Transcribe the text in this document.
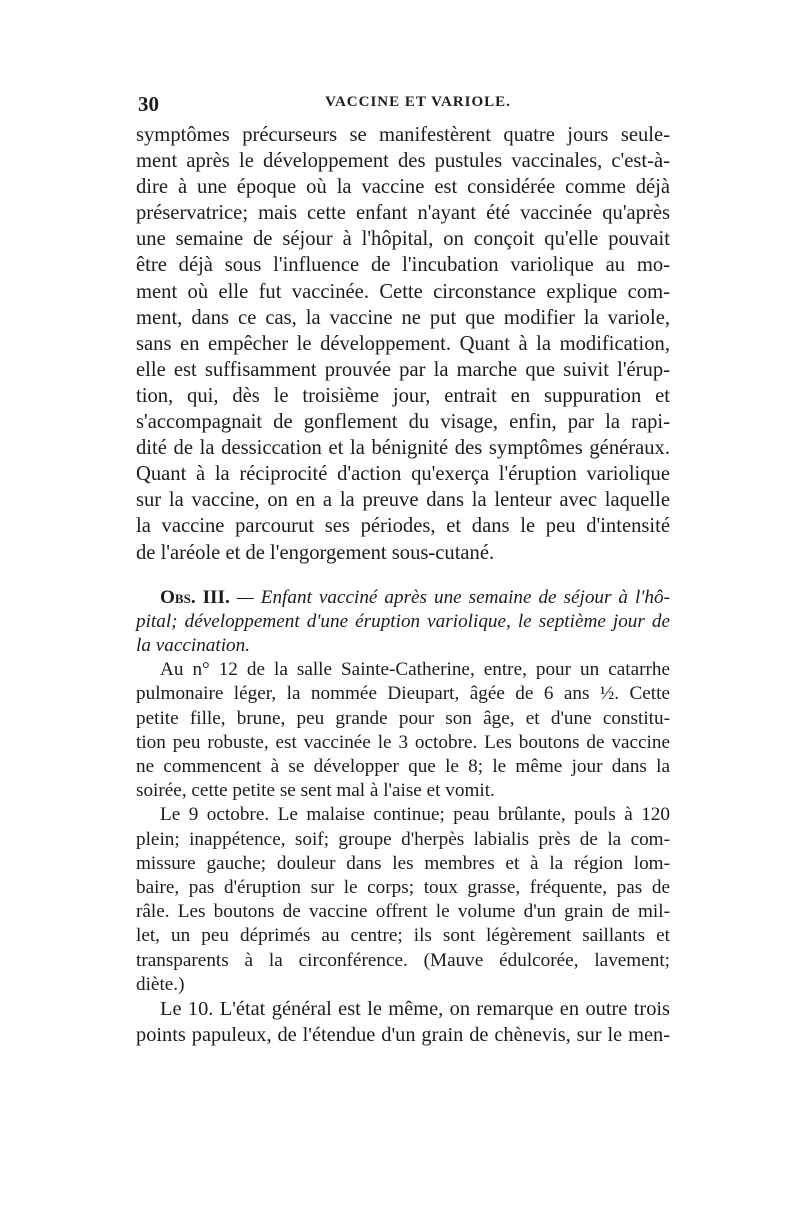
30	VACCINE ET VARIOLE.
symptômes précurseurs se manifestèrent quatre jours seule-
ment après le développement des pustules vaccinales, c'est-à-
dire à une époque où la vaccine est considérée comme déjà
préservatrice; mais cette enfant n'ayant été vaccinée qu'après
une semaine de séjour à l'hôpital, on conçoit qu'elle pouvait
être déjà sous l'influence de l'incubation variolique au mo-
ment où elle fut vaccinée. Cette circonstance explique com-
ment, dans ce cas, la vaccine ne put que modifier la variole,
sans en empêcher le développement. Quant à la modification,
elle est suffisamment prouvée par la marche que suivit l'érup-
tion, qui, dès le troisième jour, entrait en suppuration et
s'accompagnait de gonflement du visage, enfin, par la rapi-
dité de la dessiccation et la bénignité des symptômes généraux.
Quant à la réciprocité d'action qu'exerça l'éruption variolique
sur la vaccine, on en a la preuve dans la lenteur avec laquelle
la vaccine parcourut ses périodes, et dans le peu d'intensité
de l'aréole et de l'engorgement sous-cutané.
Obs. III. — Enfant vacciné après une semaine de séjour à l'hô-
pital; développement d'une éruption variolique, le septième jour de
la vaccination.
Au n° 12 de la salle Sainte-Catherine, entre, pour un catarrhe
pulmonaire léger, la nommée Dieupart, âgée de 6 ans ½. Cette
petite fille, brune, peu grande pour son âge, et d'une constitu-
tion peu robuste, est vaccinée le 3 octobre. Les boutons de vaccine
ne commencent à se développer que le 8; le même jour dans la
soirée, cette petite se sent mal à l'aise et vomit.
Le 9 octobre. Le malaise continue; peau brûlante, pouls à 120
plein; inappétence, soif; groupe d'herpès labialis près de la com-
missure gauche; douleur dans les membres et à la région lom-
baire, pas d'éruption sur le corps; toux grasse, fréquente, pas de
râle. Les boutons de vaccine offrent le volume d'un grain de mil-
let, un peu déprimés au centre; ils sont légèrement saillants et
transparents à la circonférence. (Mauve édulcorée, lavement;
diète.)
Le 10. L'état général est le même, on remarque en outre trois
points papuleux, de l'étendue d'un grain de chènevis, sur le men-
